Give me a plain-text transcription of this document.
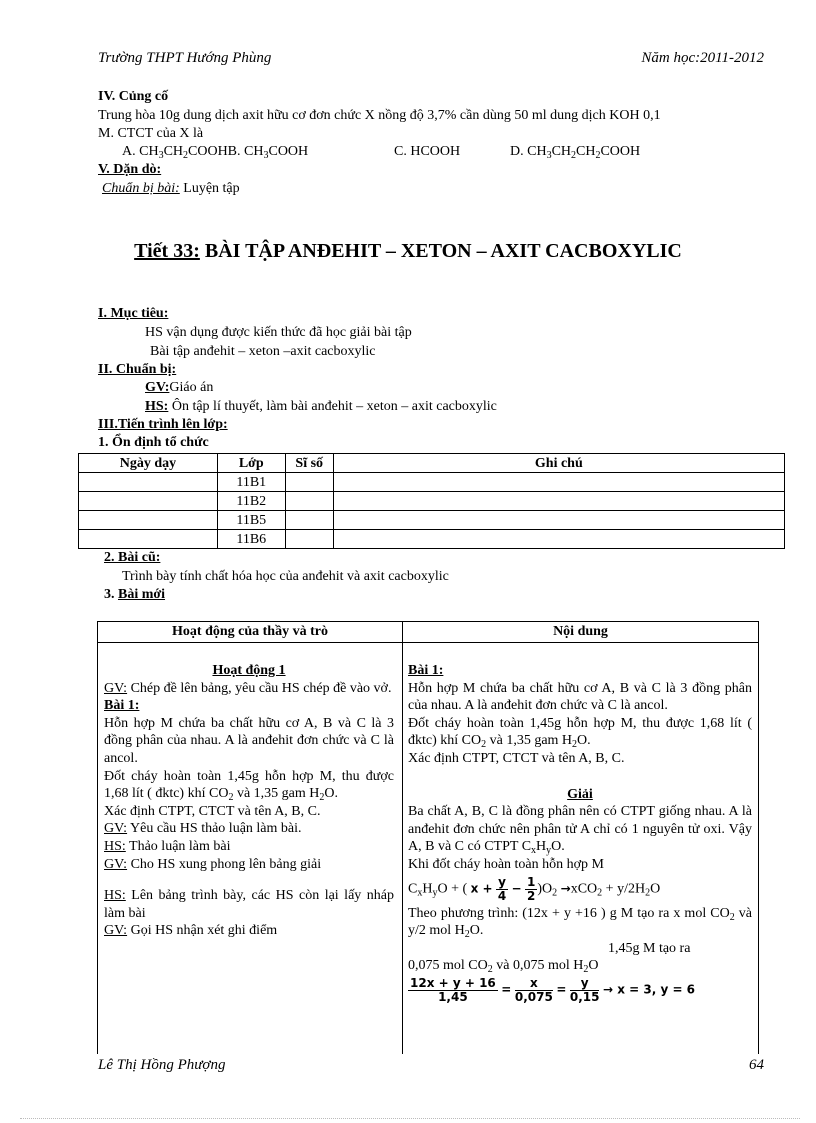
Trường THPT Hướng Phùng	Năm học:2011-2012
IV. Củng cố
Trung hòa 10g dung dịch axit hữu cơ đơn chức X nồng độ 3,7% cần dùng 50 ml dung dịch KOH 0,1
M. CTCT của X là
A. $CH_3CH_2COOHB$. $CH_3COOH$	C. HCOOH	D. $CH_3CH_2CH_2COOH$
V. Dặn dò:
Chuẩn bị bài: Luyện tập
Tiết 33: BÀI TẬP ANĐEHIT – XETON – AXIT CACBOXYLIC
I. Mục tiêu:
HS vận dụng được kiến thức đã học giải bài tập
Bài tập anđehit – xeton –axit cacboxylic
II. Chuẩn bị:
GV:Giáo án
HS: Ôn tập lí thuyết, làm bài anđehit – xeton – axit cacboxylic
III.Tiến trình lên lớp:
1. Ổn định tổ chức
Ngày dạy	Lớp	Sĩ số	Ghi chú
	11B1		
	11B2		
	11B5		
	11B6		
2. Bài cũ:
Trình bày tính chất hóa học của anđehit và axit cacboxylic
3. Bài mới
Hoạt động của thầy và trò	Nội dung

Hoạt động 1

GV: Chép đề lên bảng, yêu cầu HS chép đề vào vở.

Bài 1:

Hỗn hợp M chứa ba chất hữu cơ A, B và C là 3 đồng phân của nhau. A là anđehit đơn chức và C là ancol.

Đốt cháy hoàn toàn 1,45g hỗn hợp M, thu được 1,68 lít ( đktc) khí $CO_2$ và 1,35 gam $H_2O$.

Xác định CTPT, CTCT và tên A, B, C.

GV: Yêu cầu HS thảo luận làm bài.

HS: Thảo luận làm bài

GV: Cho HS xung phong lên bảng giải

HS: Lên bảng trình bày, các HS còn lại lấy nháp làm bài

GV: Gọi HS nhận xét ghi điểm

Bài 1:

Hỗn hợp M chứa ba chất hữu cơ A, B và C là 3 đồng phân của nhau. A là anđehit đơn chức và C là ancol.

Đốt cháy hoàn toàn 1,45g hỗn hợp M, thu được 1,68 lít ( đktc) khí $CO_2$ và 1,35 gam $H_2O$.

Xác định CTPT, CTCT và tên A, B, C.

Giải

Ba chất A, B, C là đồng phân nên có CTPT giống nhau. A là anđehit đơn chức nên phân tử A chỉ có 1 nguyên tử oxi. Vậy A, B và C có CTPT $C_xH_yO$.

Khi đốt cháy hoàn toàn hỗn hợp M

$C_xH_yO$ + ( $x + \frac{y}{4} - \frac{1}{2} )O_2 \to xCO_2 + y/2H_2O$

Theo phương trình: (12x + y +16 ) g M tạo ra x mol $CO_2$ và y/2 mol $H_2O$.

1,45g M tạo ra

0,075 mol $CO_2$ và 0,075 mol $H_2O$

$\frac{12x + y + 16}{1,45} = \frac{x}{0,075} = \frac{y}{0,15} \to x = 3$, y = 6

Lê Thị Hồng Phượng	64
